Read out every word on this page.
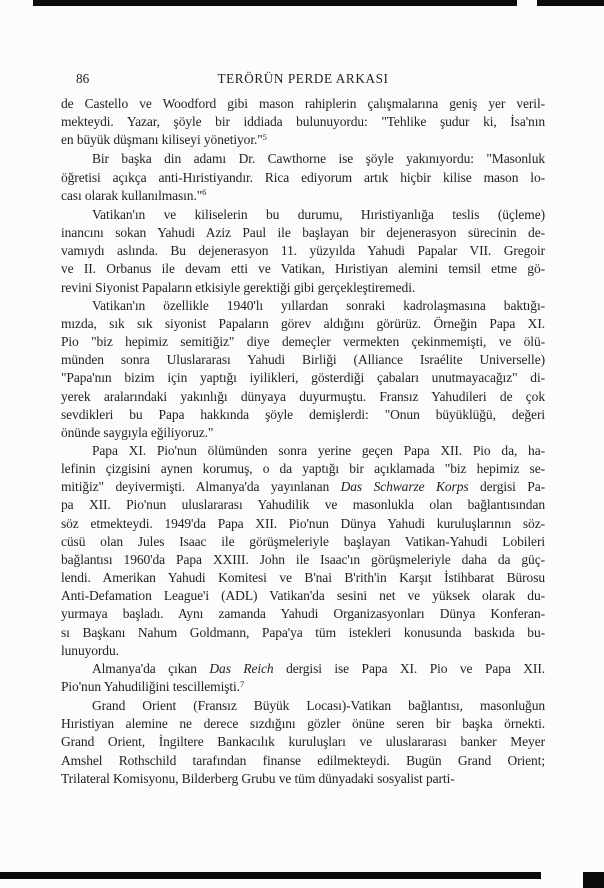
86	TERÖRÜN PERDE ARKASI
de Castello ve Woodford gibi mason rahiplerin çalışmalarına geniş yer veril-
mekteydi. Yazar, şöyle bir iddiada bulunuyordu: "Tehlike şudur ki, İsa'nın
en büyük düşmanı kiliseyi yönetiyor."$^5$
Bir başka din adamı Dr. Cawthorne ise şöyle yakınıyordu: "Masonluk
öğretisi açıkça anti-Hıristiyandır. Rica ediyorum artık hiçbir kilise mason lo-
cası olarak kullanılmasın."$^6$
Vatikan'ın ve kiliselerin bu durumu, Hıristiyanlığa teslis (üçleme)
inancını sokan Yahudi Aziz Paul ile başlayan bir dejenerasyon sürecinin de-
vamıydı aslında. Bu dejenerasyon 11. yüzyılda Yahudi Papalar VII. Gregoir
ve II. Orbanus ile devam etti ve Vatikan, Hıristiyan alemini temsil etme gö-
revini Siyonist Papaların etkisiyle gerektiği gibi gerçekleştiremedi.
Vatikan'ın özellikle 1940'lı yıllardan sonraki kadrolaşmasına baktığı-
mızda, sık sık siyonist Papaların görev aldığını görürüz. Örneğin Papa XI.
Pio "biz hepimiz semitiğiz" diye demeçler vermekten çekinmemişti, ve ölü-
münden sonra Uluslararası Yahudi Birliği (Alliance Israélite Universelle)
"Papa'nın bizim için yaptığı iyilikleri, gösterdiği çabaları unutmayacağız" di-
yerek aralarındaki yakınlığı dünyaya duyurmuştu. Fransız Yahudileri de çok
sevdikleri bu Papa hakkında şöyle demişlerdi: "Onun büyüklüğü, değeri
önünde saygıyla eğiliyoruz."
Papa XI. Pio'nun ölümünden sonra yerine geçen Papa XII. Pio da, ha-
lefinin çizgisini aynen korumuş, o da yaptığı bir açıklamada "biz hepimiz se-
mitiğiz" deyivermişti. Almanya'da yayınlanan Das Schwarze Korps dergisi Pa-
pa XII. Pio'nun uluslararası Yahudilik ve masonlukla olan bağlantısından
söz etmekteydi. 1949'da Papa XII. Pio'nun Dünya Yahudi kuruluşlarının söz-
cüsü olan Jules Isaac ile görüşmeleriyle başlayan Vatikan-Yahudi Lobileri
bağlantısı 1960'da Papa XXIII. John ile Isaac'ın görüşmeleriyle daha da güç-
lendi. Amerikan Yahudi Komitesi ve B'nai B'rith'in Karşıt İstihbarat Bürosu
Anti-Defamation League'i (ADL) Vatikan'da sesini net ve yüksek olarak du-
yurmaya başladı. Aynı zamanda Yahudi Organizasyonları Dünya Konferan-
sı Başkanı Nahum Goldmann, Papa'ya tüm istekleri konusunda baskıda bu-
lunuyordu.
Almanya'da çıkan Das Reich dergisi ise Papa XI. Pio ve Papa XII.
Pio'nun Yahudiliğini tescillemişti.$^7$
Grand Orient (Fransız Büyük Locası)-Vatikan bağlantısı, masonluğun
Hıristiyan alemine ne derece sızdığını gözler önüne seren bir başka örnekti.
Grand Orient, İngiltere Bankacılık kuruluşları ve uluslararası banker Meyer
Amshel Rothschild tarafından finanse edilmekteydi. Bugün Grand Orient;
Trilateral Komisyonu, Bilderberg Grubu ve tüm dünyadaki sosyalist parti-
